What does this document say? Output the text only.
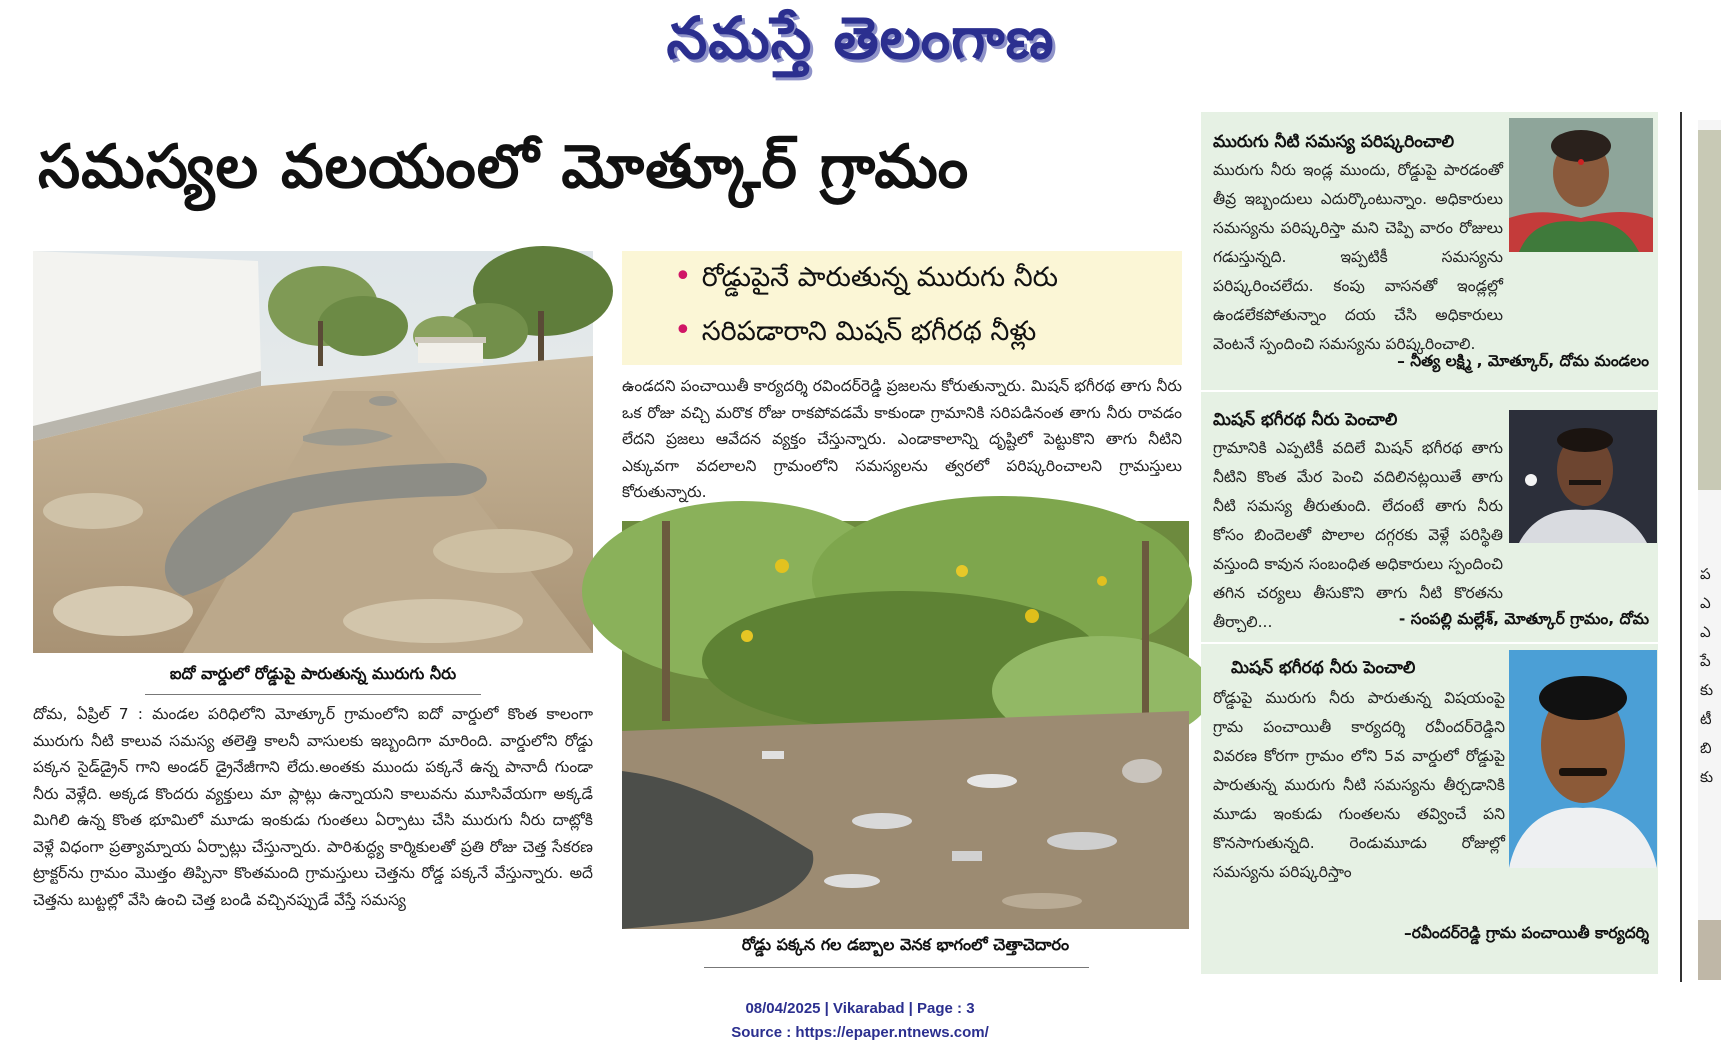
నమస్తే తెలంగాణ
సమస్యల వలయంలో మోత్కూర్ గ్రామం
ఐదో వార్డులో రోడ్డుపై పారుతున్న మురుగు నీరు
దోమ, ఏప్రిల్ 7 : మండల పరిధిలోని మోత్కూర్ గ్రామంలోని ఐదో వార్డులో కొంత కాలంగా మురుగు నీటి కాలువ సమస్య తలెత్తి కాలనీ వాసులకు ఇబ్బందిగా మారింది. వార్డులోని రోడ్డు పక్కన సైడ్‌డ్రైన్ గాని అండర్ డ్రైనేజీగాని లేదు.అంతకు ముందు పక్కనే ఉన్న పానాదీ గుండా నీరు వెళ్లేది. అక్కడ కొందరు వ్యక్తులు మా ప్లాట్లు ఉన్నాయని కాలువను మూసివేయగా అక్కడే మిగిలి ఉన్న కొంత భూమిలో మూడు ఇంకుడు గుంతలు ఏర్పాటు చేసి మురుగు నీరు దాట్లోకి వెళ్లే విధంగా ప్రత్యామ్నాయ ఏర్పాట్లు చేస్తున్నారు. పారిశుద్ధ్య కార్మికులతో ప్రతి రోజు చెత్త సేకరణ ట్రాక్టర్‌ను గ్రామం మొత్తం తిప్పినా కొంతమంది గ్రామస్తులు చెత్తను రోడ్డ పక్కనే వేస్తున్నారు. అదే చెత్తను బుట్టల్లో వేసి ఉంచి చెత్త బండి వచ్చినప్పుడే వేస్తే సమస్య
• రోడ్డుపైనే పారుతున్న మురుగు నీరు
• సరిపడారాని మిషన్ భగీరథ నీళ్లు
ఉండదని పంచాయితీ కార్యదర్శి రవిందర్‌రెడ్డి ప్రజలను కోరుతున్నారు. మిషన్ భగీరథ తాగు నీరు ఒక రోజు వచ్చి మరొక రోజు రాకపోవడమే కాకుండా గ్రామానికి సరిపడినంత తాగు నీరు రావడం లేదని ప్రజలు ఆవేదన వ్యక్తం చేస్తున్నారు. ఎండాకాలాన్ని దృష్టిలో పెట్టుకొని తాగు నీటిని ఎక్కువగా వదలాలని గ్రామంలోని సమస్యలను త్వరలో పరిష్కరించాలని గ్రామస్తులు కోరుతున్నారు.
రోడ్డు పక్కన గల డబ్బాల వెనక భాగంలో చెత్తాచెదారం
మురుగు నీటి సమస్య పరిష్కరించాలి
మురుగు నీరు ఇండ్ల ముందు, రోడ్డుపై పారడంతో తీవ్ర ఇబ్బందులు ఎదుర్కొంటున్నాం. అధికారులు సమస్యను పరిష్కరిస్తా మని చెప్పి వారం రోజులు గడుస్తున్నది. ఇప్పటికీ సమస్యను పరిష్కరించలేదు. కంపు వాసనతో ఇండ్లల్లో ఉండలేకపోతున్నాం దయ చేసి అధికారులు వెంటనే స్పందించి సమస్యను పరిష్కరించాలి.
– నీత్య లక్ష్మి , మోత్కూర్, దోమ మండలం
మిషన్ భగీరథ నీరు పెంచాలి
గ్రామానికి ఎప్పటికీ వదిలే మిషన్ భగీరథ తాగు నీటిని కొంత మేర పెంచి వదిలినట్లయితే తాగు నీటి సమస్య తీరుతుంది. లేదంటే తాగు నీరు కోసం బిందెలతో పొలాల దగ్గరకు వెళ్లే పరిస్థితి వస్తుంది కావున సంబంధిత అధికారులు స్పందించి తగిన చర్యలు తీసుకొని తాగు నీటి కొరతను తీర్చాలి...	- సంపల్లి మల్లేశ్, మోత్కూర్ గ్రామం, దోమ
మిషన్ భగీరథ నీరు పెంచాలి
రోడ్డుపై మురుగు నీరు పారుతున్న విషయంపై గ్రామ పంచాయితీ కార్యదర్శి రవీందర్‌రెడ్డిని వివరణ కోరగా గ్రామం లోని 5వ వార్డులో రోడ్డుపై పారుతున్న మురుగు నీటి సమస్యను తీర్చడానికి మూడు ఇంకుడు గుంతలను తవ్వించే పని కొనసాగుతున్నది. రెండుమూడు రోజుల్లో సమస్యను పరిష్కరిస్తాం
–రవీందర్‌రెడ్డి గ్రామ పంచాయితీ కార్యదర్శి
ప
ఎ
ఎ
పే
కు
టీ
బి
కు
08/04/2025 | Vikarabad | Page : 3
Source : https://epaper.ntnews.com/
